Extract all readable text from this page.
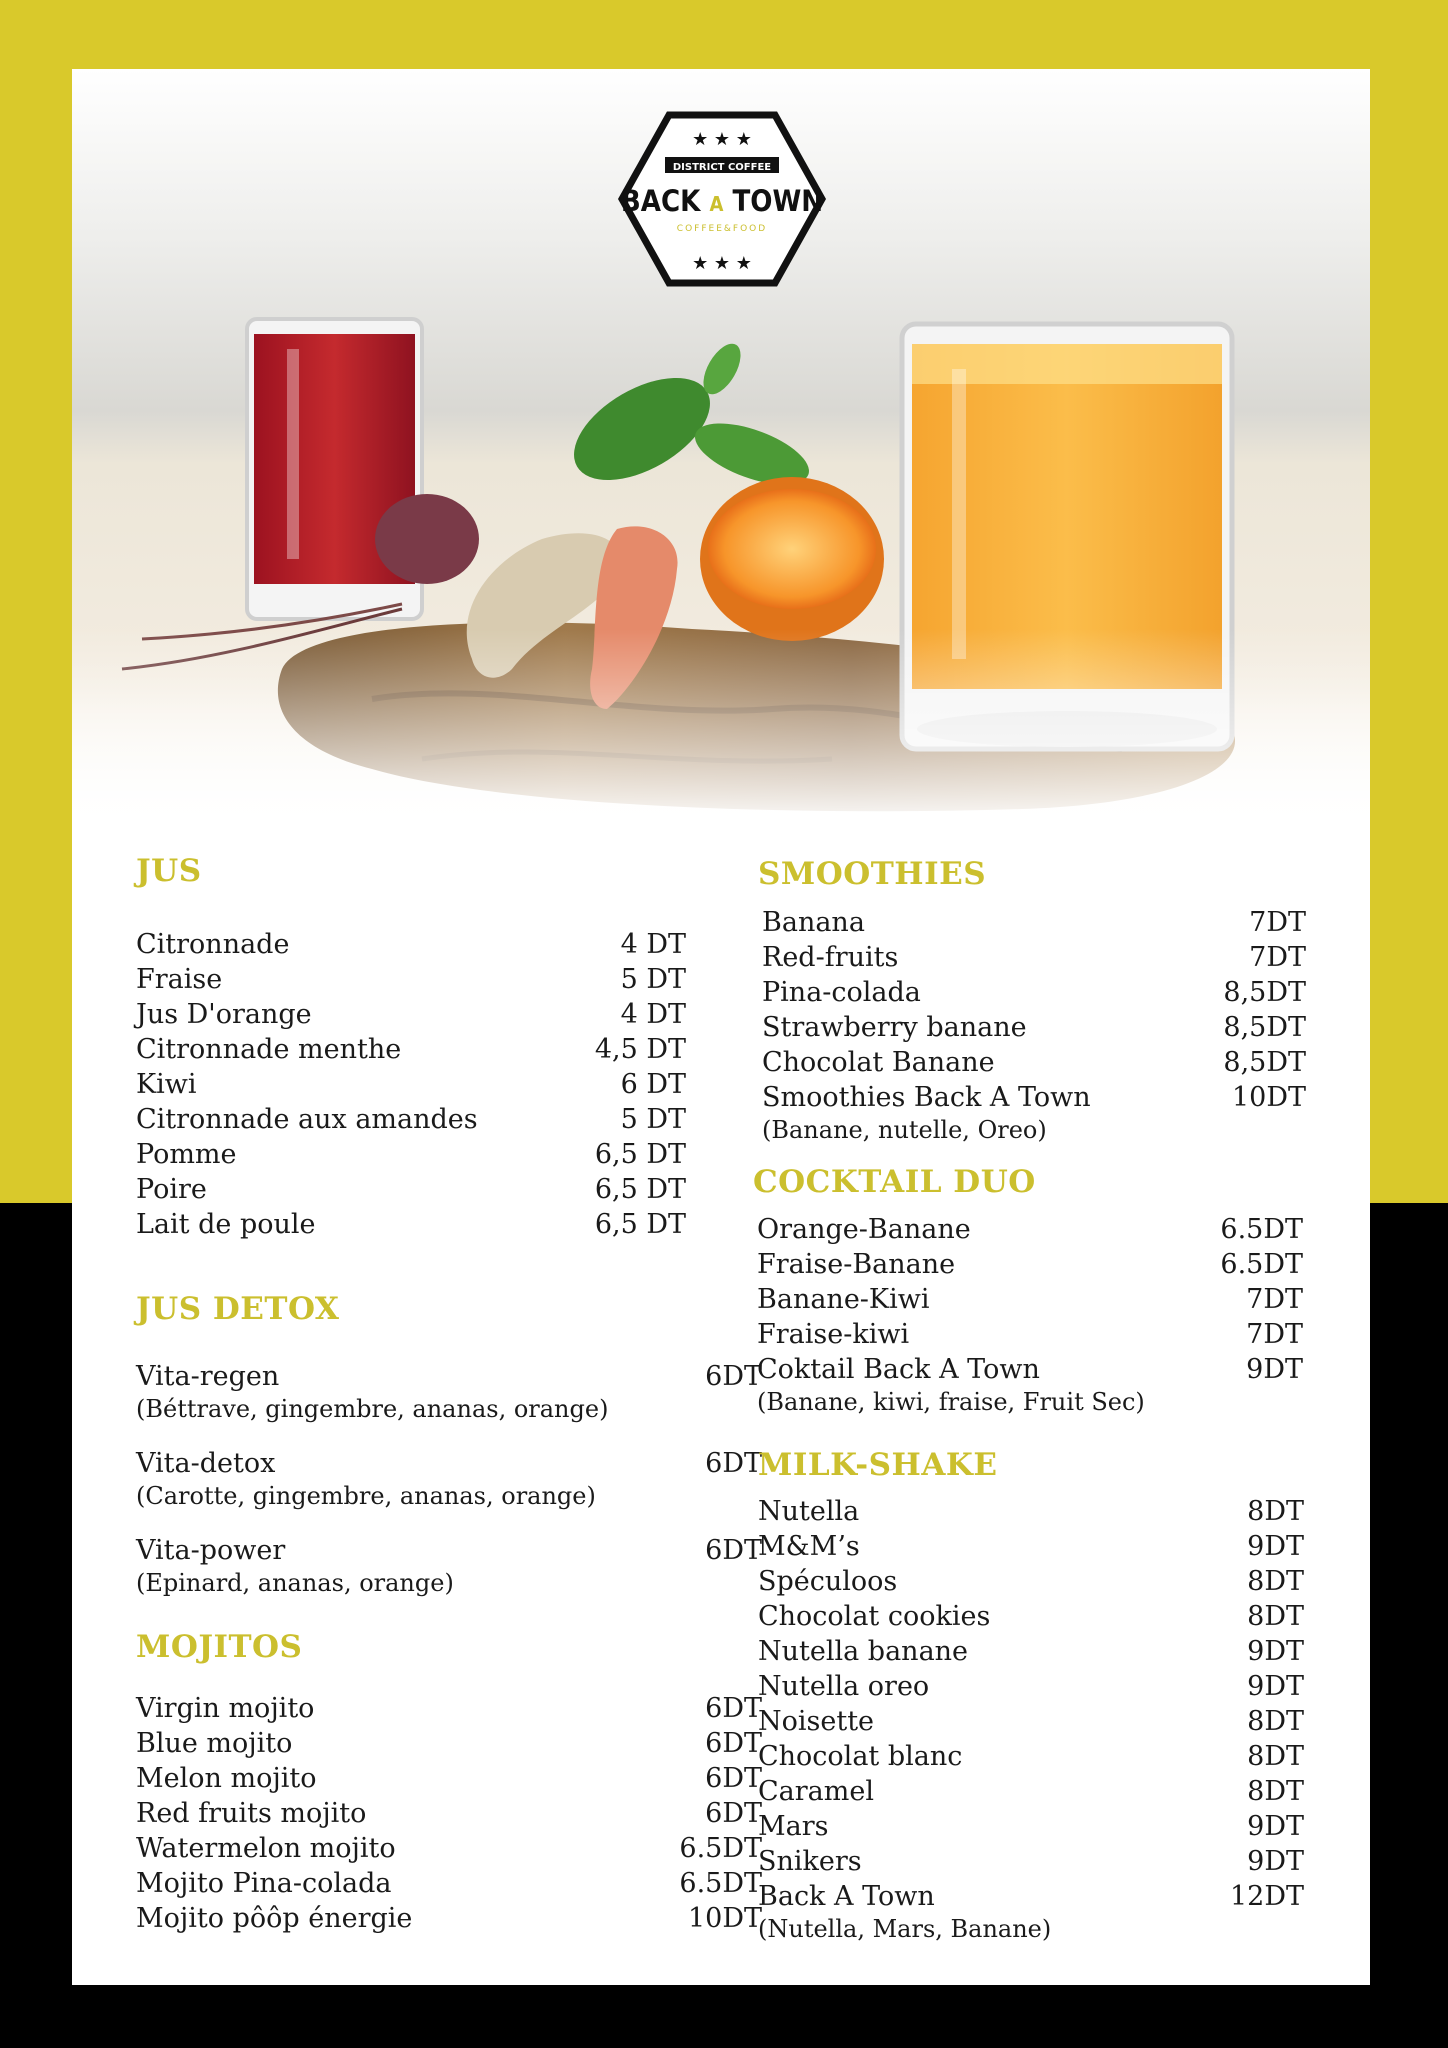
★ ★ ★
DISTRICT COFFEE
BACK A TOWN
COFFEE&FOOD
★ ★ ★
JUS
Citronnade	4 DT
Fraise	5 DT
Jus D'orange	4 DT
Citronnade menthe	4,5 DT
Kiwi	6 DT
Citronnade aux amandes	5 DT
Pomme	6,5 DT
Poire	6,5 DT
Lait de poule	6,5 DT
JUS DETOX
Vita-regen	6DT
(Béttrave, gingembre, ananas, orange)
Vita-detox	6DT
(Carotte, gingembre, ananas, orange)
Vita-power	6DT
(Epinard, ananas, orange)
MOJITOS
Virgin mojito	6DT
Blue mojito	6DT
Melon mojito	6DT
Red fruits mojito	6DT
Watermelon mojito	6.5DT
Mojito Pina-colada	6.5DT
Mojito pôôp énergie	10DT
SMOOTHIES
Banana	7DT
Red-fruits	7DT
Pina-colada	8,5DT
Strawberry banane	8,5DT
Chocolat Banane	8,5DT
Smoothies Back A Town	10DT
(Banane, nutelle, Oreo)
COCKTAIL DUO
Orange-Banane	6.5DT
Fraise-Banane	6.5DT
Banane-Kiwi	7DT
Fraise-kiwi	7DT
Coktail Back A Town	9DT
(Banane, kiwi, fraise, Fruit Sec)
MILK-SHAKE
Nutella	8DT
M&M’s	9DT
Spéculoos	8DT
Chocolat cookies	8DT
Nutella banane	9DT
Nutella oreo	9DT
Noisette	8DT
Chocolat blanc	8DT
Caramel	8DT
Mars	9DT
Snikers	9DT
Back A Town	12DT
(Nutella, Mars, Banane)
